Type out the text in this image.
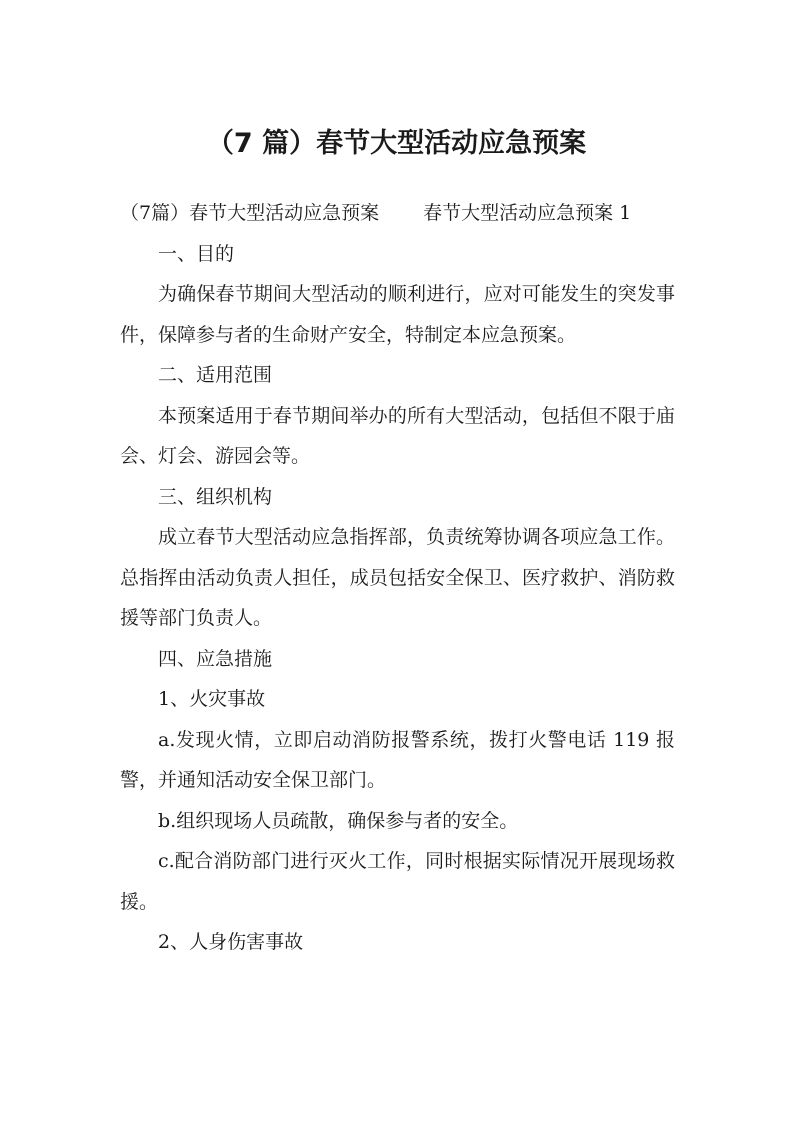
（7 篇）春节大型活动应急预案

（7篇）春节大型活动应急预案 春节大型活动应急预案 1

一、目的

为确保春节期间大型活动的顺利进行，应对可能发生的突发事件，保障参与者的生命财产安全，特制定本应急预案。

二、适用范围

本预案适用于春节期间举办的所有大型活动，包括但不限于庙会、灯会、游园会等。

三、组织机构

成立春节大型活动应急指挥部，负责统筹协调各项应急工作。总指挥由活动负责人担任，成员包括安全保卫、医疗救护、消防救援等部门负责人。

四、应急措施

1、火灾事故

a.发现火情，立即启动消防报警系统，拨打火警电话 119 报警，并通知活动安全保卫部门。

b.组织现场人员疏散，确保参与者的安全。

c.配合消防部门进行灭火工作，同时根据实际情况开展现场救援。

2、人身伤害事故
